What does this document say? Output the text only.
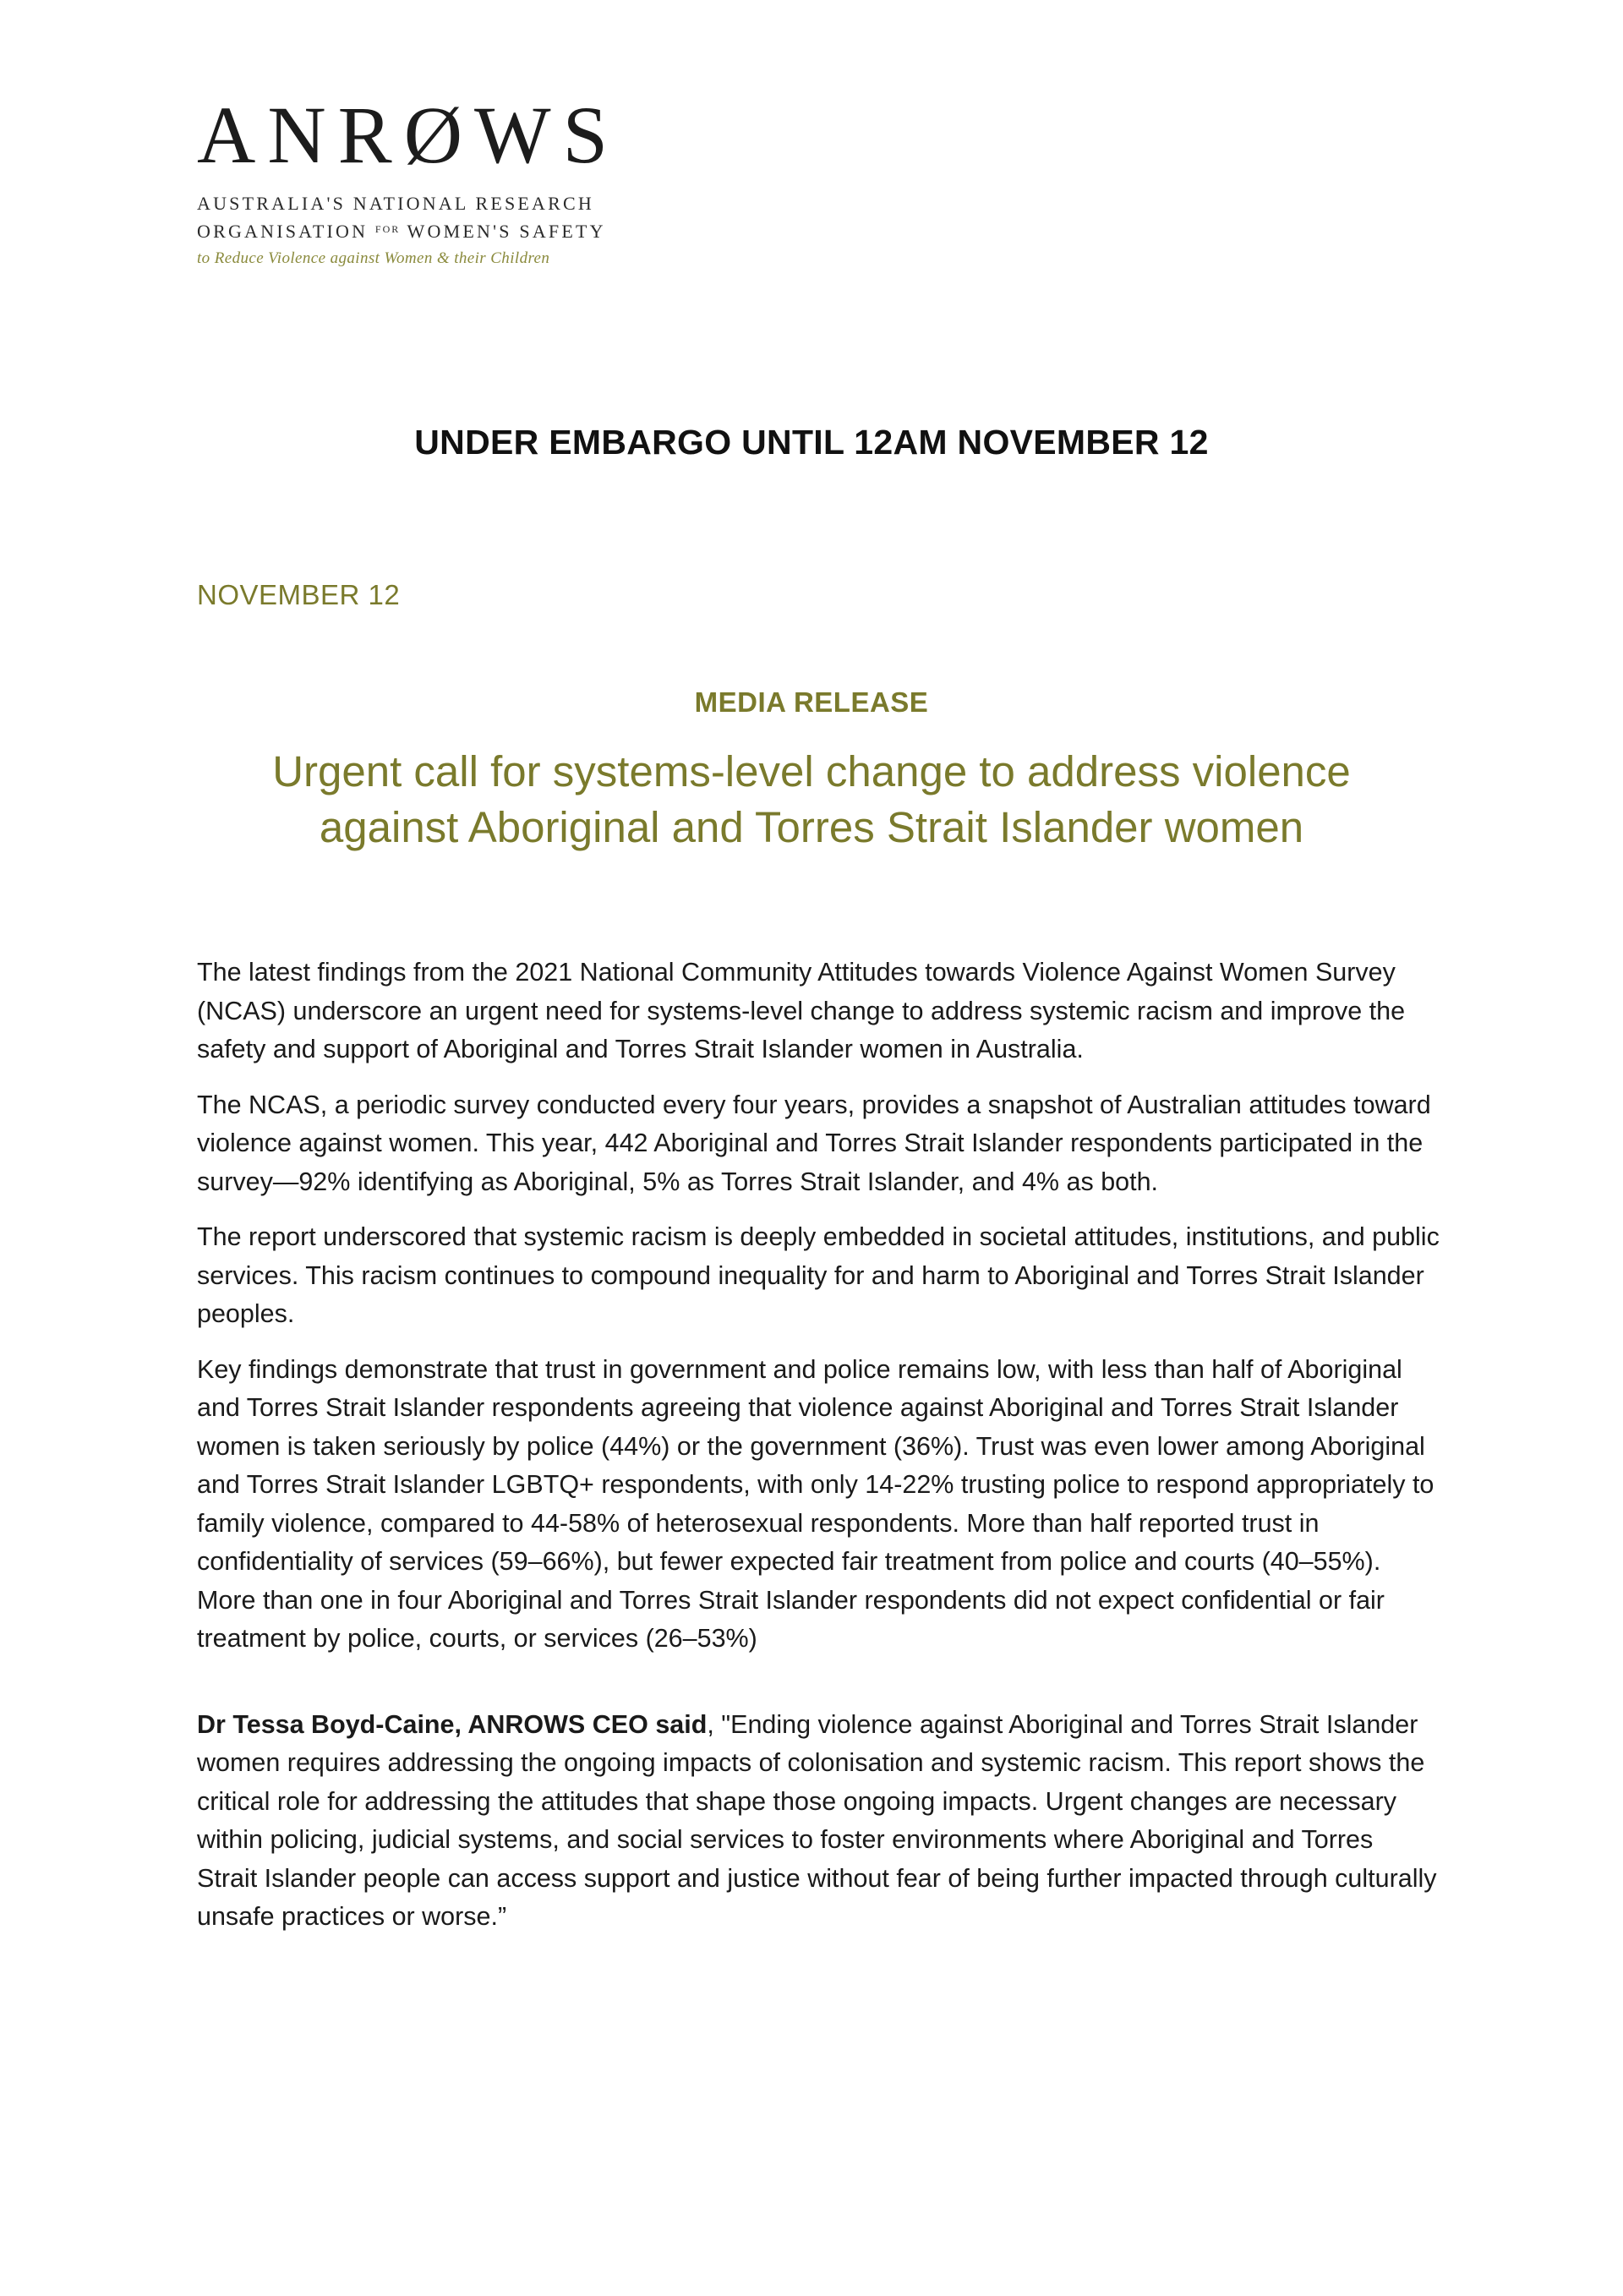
ANRØWS
AUSTRALIA'S NATIONAL RESEARCH
ORGANISATION $^{FOR}$ WOMEN'S SAFETY
to Reduce Violence against Women & their Children
UNDER EMBARGO UNTIL 12AM NOVEMBER 12
NOVEMBER 12
MEDIA RELEASE
Urgent call for systems-level change to address violence
against Aboriginal and Torres Strait Islander women

The latest findings from the 2021 National Community Attitudes towards Violence Against Women Survey (NCAS) underscore an urgent need for systems-level change to address systemic racism and improve the safety and support of Aboriginal and Torres Strait Islander women in Australia.

The NCAS, a periodic survey conducted every four years, provides a snapshot of Australian attitudes toward violence against women. This year, 442 Aboriginal and Torres Strait Islander respondents participated in the survey—92% identifying as Aboriginal, 5% as Torres Strait Islander, and 4% as both.

The report underscored that systemic racism is deeply embedded in societal attitudes, institutions, and public services. This racism continues to compound inequality for and harm to Aboriginal and Torres Strait Islander peoples.

Key findings demonstrate that trust in government and police remains low, with less than half of Aboriginal and Torres Strait Islander respondents agreeing that violence against Aboriginal and Torres Strait Islander women is taken seriously by police (44%) or the government (36%). Trust was even lower among Aboriginal and Torres Strait Islander LGBTQ+ respondents, with only 14-22% trusting police to respond appropriately to family violence, compared to 44-58% of heterosexual respondents. More than half reported trust in confidentiality of services (59–66%), but fewer expected fair treatment from police and courts (40–55%). More than one in four Aboriginal and Torres Strait Islander respondents did not expect confidential or fair treatment by police, courts, or services (26–53%)

Dr Tessa Boyd-Caine, ANROWS CEO said, "Ending violence against Aboriginal and Torres Strait Islander women requires addressing the ongoing impacts of colonisation and systemic racism. This report shows the critical role for addressing the attitudes that shape those ongoing impacts. Urgent changes are necessary within policing, judicial systems, and social services to foster environments where Aboriginal and Torres Strait Islander people can access support and justice without fear of being further impacted through culturally unsafe practices or worse.”
